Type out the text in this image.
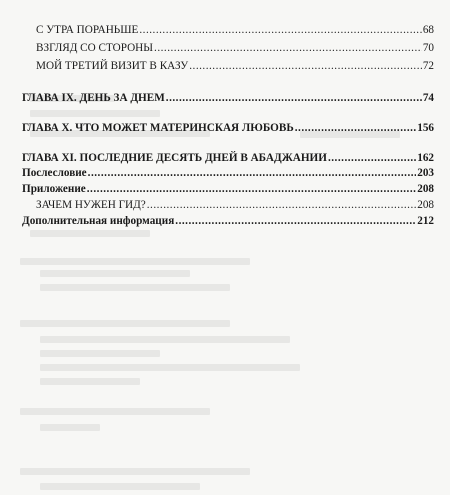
С УТРА ПОРАНЬШЕ .....	68
ВЗГЛЯД СО СТОРОНЫ .....	70
МОЙ ТРЕТИЙ ВИЗИТ В КАЗУ .....	72
ГЛАВА IX. ДЕНЬ ЗА ДНЕМ .....	74
ГЛАВА X. ЧТО МОЖЕТ МАТЕРИНСКАЯ ЛЮБОВЬ .....	156
ГЛАВА XI. ПОСЛЕДНИЕ ДЕСЯТЬ ДНЕЙ В АБАДЖАНИИ .....	162
Послесловие .....	203
Приложение .....	208
ЗАЧЕМ НУЖЕН ГИД? .....	208
Дополнительная информация .....	212
